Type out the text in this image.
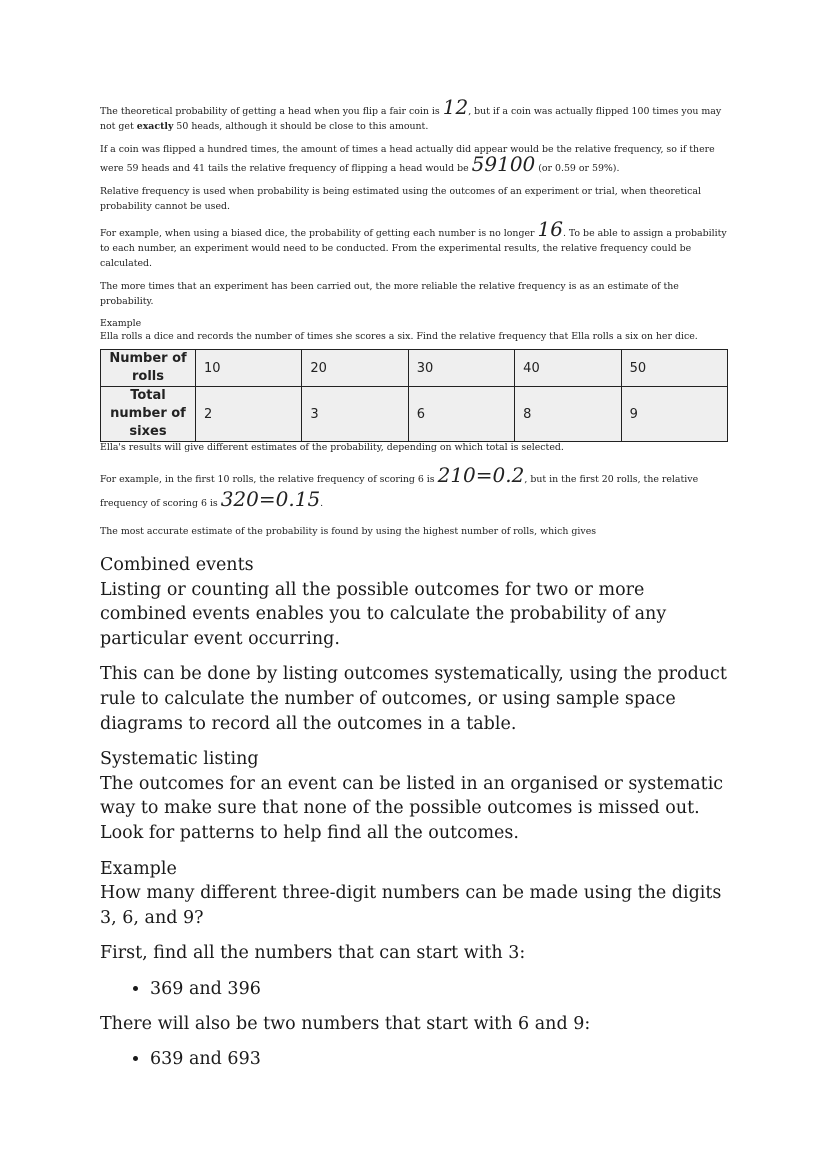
The theoretical probability of getting a head when you flip a fair coin is 12, but if a coin was actually flipped 100 times you may not get exactly 50 heads, although it should be close to this amount.

If a coin was flipped a hundred times, the amount of times a head actually did appear would be the relative frequency, so if there were 59 heads and 41 tails the relative frequency of flipping a head would be 59100 (or 0.59 or 59%).

Relative frequency is used when probability is being estimated using the outcomes of an experiment or trial, when theoretical probability cannot be used.

For example, when using a biased dice, the probability of getting each number is no longer 16. To be able to assign a probability to each number, an experiment would need to be conducted. From the experimental results, the relative frequency could be calculated.

The more times that an experiment has been carried out, the more reliable the relative frequency is as an estimate of the probability.

Example
Ella rolls a dice and records the number of times she scores a six. Find the relative frequency that Ella rolls a six on her dice.

Number of rolls	10	20	30	40	50
Total number of sixes	2	3	6	8	9

Ella's results will give different estimates of the probability, depending on which total is selected.

For example, in the first 10 rolls, the relative frequency of scoring 6 is 210=0.2, but in the first 20 rolls, the relative frequency of scoring 6 is 320=0.15.

The most accurate estimate of the probability is found by using the highest number of rolls, which gives

Combined events

Listing or counting all the possible outcomes for two or more combined events enables you to calculate the probability of any particular event occurring.

This can be done by listing outcomes systematically, using the product rule to calculate the number of outcomes, or using sample space diagrams to record all the outcomes in a table.

Systematic listing

The outcomes for an event can be listed in an organised or systematic way to make sure that none of the possible outcomes is missed out. Look for patterns to help find all the outcomes.

Example

How many different three-digit numbers can be made using the digits 3, 6, and 9?

First, find all the numbers that can start with 3:

• 369 and 396

There will also be two numbers that start with 6 and 9:

• 639 and 693
